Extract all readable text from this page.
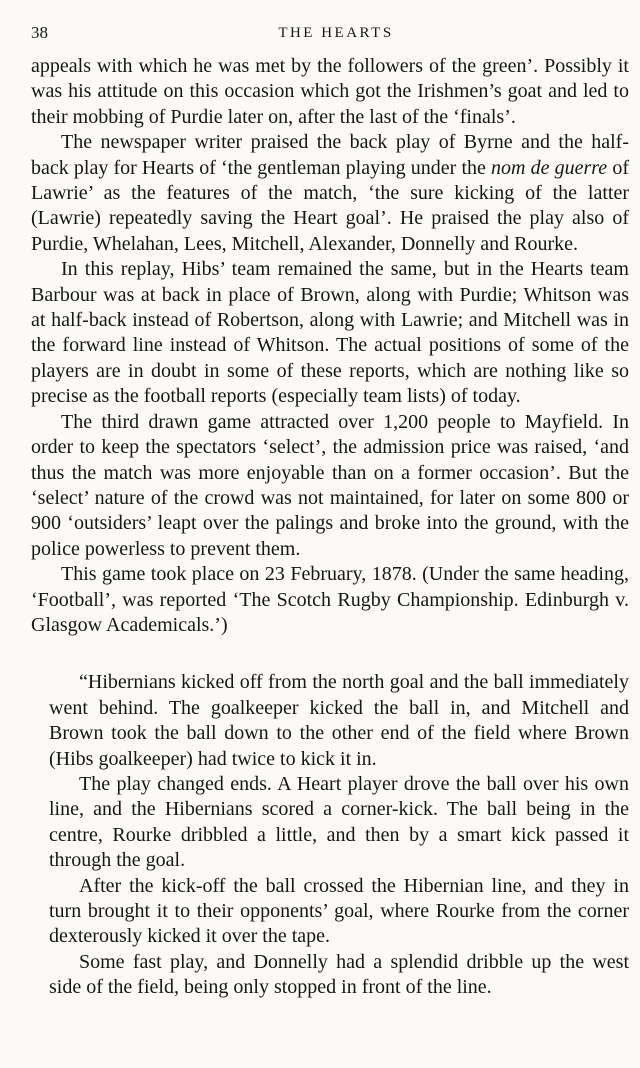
38	THE HEARTS

appeals with which he was met by the followers of the green’. Possibly it was his attitude on this occasion which got the Irishmen’s goat and led to their mobbing of Purdie later on, after the last of the ‘finals’.

The newspaper writer praised the back play of Byrne and the half-back play for Hearts of ‘the gentleman playing under the nom de guerre of Lawrie’ as the features of the match, ‘the sure kicking of the latter (Lawrie) repeatedly saving the Heart goal’. He praised the play also of Purdie, Whelahan, Lees, Mitchell, Alexander, Donnelly and Rourke.

In this replay, Hibs’ team remained the same, but in the Hearts team Barbour was at back in place of Brown, along with Purdie; Whitson was at half-back instead of Robertson, along with Lawrie; and Mitchell was in the forward line instead of Whitson. The actual positions of some of the players are in doubt in some of these reports, which are nothing like so precise as the football reports (especially team lists) of today.

The third drawn game attracted over 1,200 people to Mayfield. In order to keep the spectators ‘select’, the admission price was raised, ‘and thus the match was more enjoyable than on a former occasion’. But the ‘select’ nature of the crowd was not maintained, for later on some 800 or 900 ‘outsiders’ leapt over the palings and broke into the ground, with the police powerless to prevent them.

This game took place on 23 February, 1878. (Under the same heading, ‘Football’, was reported ‘The Scotch Rugby Championship. Edinburgh v. Glasgow Academicals.’)

“Hibernians kicked off from the north goal and the ball immediately went behind. The goalkeeper kicked the ball in, and Mitchell and Brown took the ball down to the other end of the field where Brown (Hibs goalkeeper) had twice to kick it in.

The play changed ends. A Heart player drove the ball over his own line, and the Hibernians scored a corner-kick. The ball being in the centre, Rourke dribbled a little, and then by a smart kick passed it through the goal.

After the kick-off the ball crossed the Hibernian line, and they in turn brought it to their opponents’ goal, where Rourke from the corner dexterously kicked it over the tape.

Some fast play, and Donnelly had a splendid dribble up the west side of the field, being only stopped in front of the line.
